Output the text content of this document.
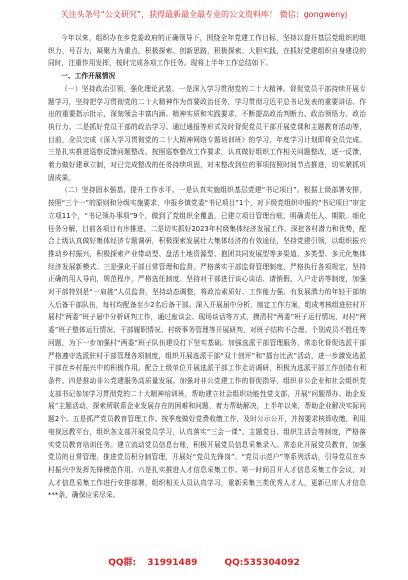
关注头条号“公文研究”，获得最新最全最专业的公文资料库！ 微信：gongwenyj

今年以来，组织办在乡党委政府的正确领导下，围绕全年党建工作目标，坚持以提升基层党组织的组织力，号召力，凝聚力为重点，积极探索、创新思路，积极探索、大胆实践，在抓好党建组织自身建设的同时，注重作用发挥，按时完成各项工作任务。现将上半年工作总结如下。

一、工作开展情况

（一）坚持政治引领，强化理论武装。一是深入学习贯彻党的二十大精神。督促党员干部持续开展专题学习，坚持把学习贯彻党的二十大精神作为首要政治任务，学习贯彻习近平总书记发表的重要讲话、作出的重要指示批示，深刻领会丰富内涵、精神实质和实践要求，不断提高政治判断力、政治领悟力、政治执行力。二是抓好党员干部的政治学习。通过通报等形式及时督促党员干部开展党课和主题教育活动等，目前，全员完成《深入学习贯彻党的二十大精神网络专题培训班》的学习，年度学习计划即将全员完成。三是扎实推进巡察反馈问题整改。按照巡察整改工作要求，认真做好组织工作相关问题整改，逐一反馈，着力做好建章立制，对已完成整改的任务持续巩固，对未整改到位的事项按照时间节点推进，切实紧抓巩固成果。

（二）坚持固本强基，提升工作水平。一是认真实施组织基层党建“书记项目”。根据上级部署安排，按照“三个一”的原则和分级实施要求，申报乡镇党委“书记项目”1个，对下级党组织申报的“书记项目”审定立项11个，“书记领办事项”9个，做到了党组织全覆盖，已建立项目管理台账，明确责任人、期限、细化任务分解，目前各项目有序推进。二是切实抓好2023年村级集体经济发展工作。深挖各村潜力和优势，配合上级认真做好集体经济专题调研，积极探索发展壮大集体经济的有效途径，坚持党建引领，以组织振兴推动乡村振兴，积极探索产业带动型、盘活土地资源型、抱团共同发展型等多渠道、多类型、多元化集体经济发展新模式。三是强化干部日常管理和监督。严格落实干部监督管理制度，严格执行各项规定，坚持正确的用人导向，规范程序，严格选任制度。坚持对干部进行谈心谈话、请销假、入户走访等制度，加强对干部特别是“一肩挑”人员监督，坚持动态调整，将政治素质好、工作能力强、有发展潜力的年轻干部纳入后备干部队伍，每村均配备至少2名后备干部。深入开展届中分析，制定工作方案，组成考核组进驻村开展村“两委”班子届中分析研判工作，通过座谈会、现场谈话等方式，摸清村“两委”班子运行情况，对村“两委”班子整体运行情况、干部履职情况、村级事务管理等开展研判，对班子结构不合理、个别成员不胜任等问题，为下一步加强村“两委”班子队伍建设打下坚实基础。加强选派干部管理服务，常态化督促选派干部严格遵守选派驻村干部管理各项制度，组织开展选派干部“双十创评”和“擂台比武”活动，进一步激发选派干部在乡村振兴中的积极作用。配合上级单位开展选派干部工作走访调研，积极为选派干部工作创造有利条件。四是推动非公党建服务高质量发展。加强对非公党建工作的督促指导，组织非公企业和社会组织党支部书记参加学习贯彻党的二十大精神培训班，帮助建立社会组织功能性党支部，开展“问题帮办、助企发展”主题活动，探索所联系企业发展存在的困难和问题，着力帮助解决，上半年以来，帮助企业解决实际问题2个。五是抓严党员教育管理工作。按季度做好党费收缴工作，及时公示公开，并按要求核算收缴，利用电视远教平台，组织各支部开展党员学习，认真落实“三会一课”、主题党日、组织生活会等制度，严格落实党员教育培训任务。建立流动党员信息台账，积极开展党员信息采集录入。常态化开展党员教育，加强党员的日常管理，推进党员积分制管理，开展好“党员先锋岗”、“党员示范户”等系列活动，引导党员在乡村振兴中发挥先锋模范作用。六是扎实推进人才信息采集工作。第一时间召开人才信息采集工作会议，对人才信息采集工作进行安排部署，组织相关人员认真学习，重新采集三类优秀人才人，更新已库人才信息***条，确保应采尽采。

QQ群: 31991489	QQ:535304092
